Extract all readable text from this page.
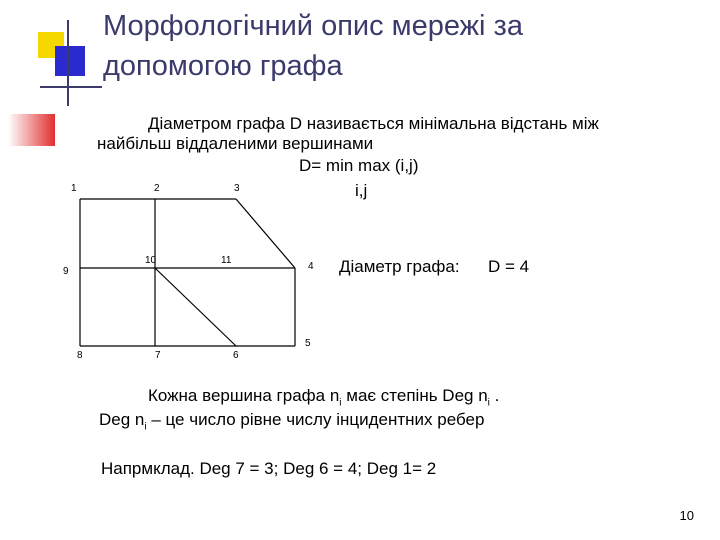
Морфологічний опис мережі за
допомогою графа
Діаметром графа D називається мінімальна відстань між
найбільш віддаленими вершинами
D= min max (i,j)
i,j
1	2	3
4
5
6
7
8
9
10	11	Діаметр графа: D = 4
Кожна вершина графа $n_i$ має степінь Deg $n_i$ .
Deg $n_i$ – це число рівне числу інцидентних ребер
Напрмклад. Deg 7 = 3; Deg 6 = 4; Deg 1= 2
10
